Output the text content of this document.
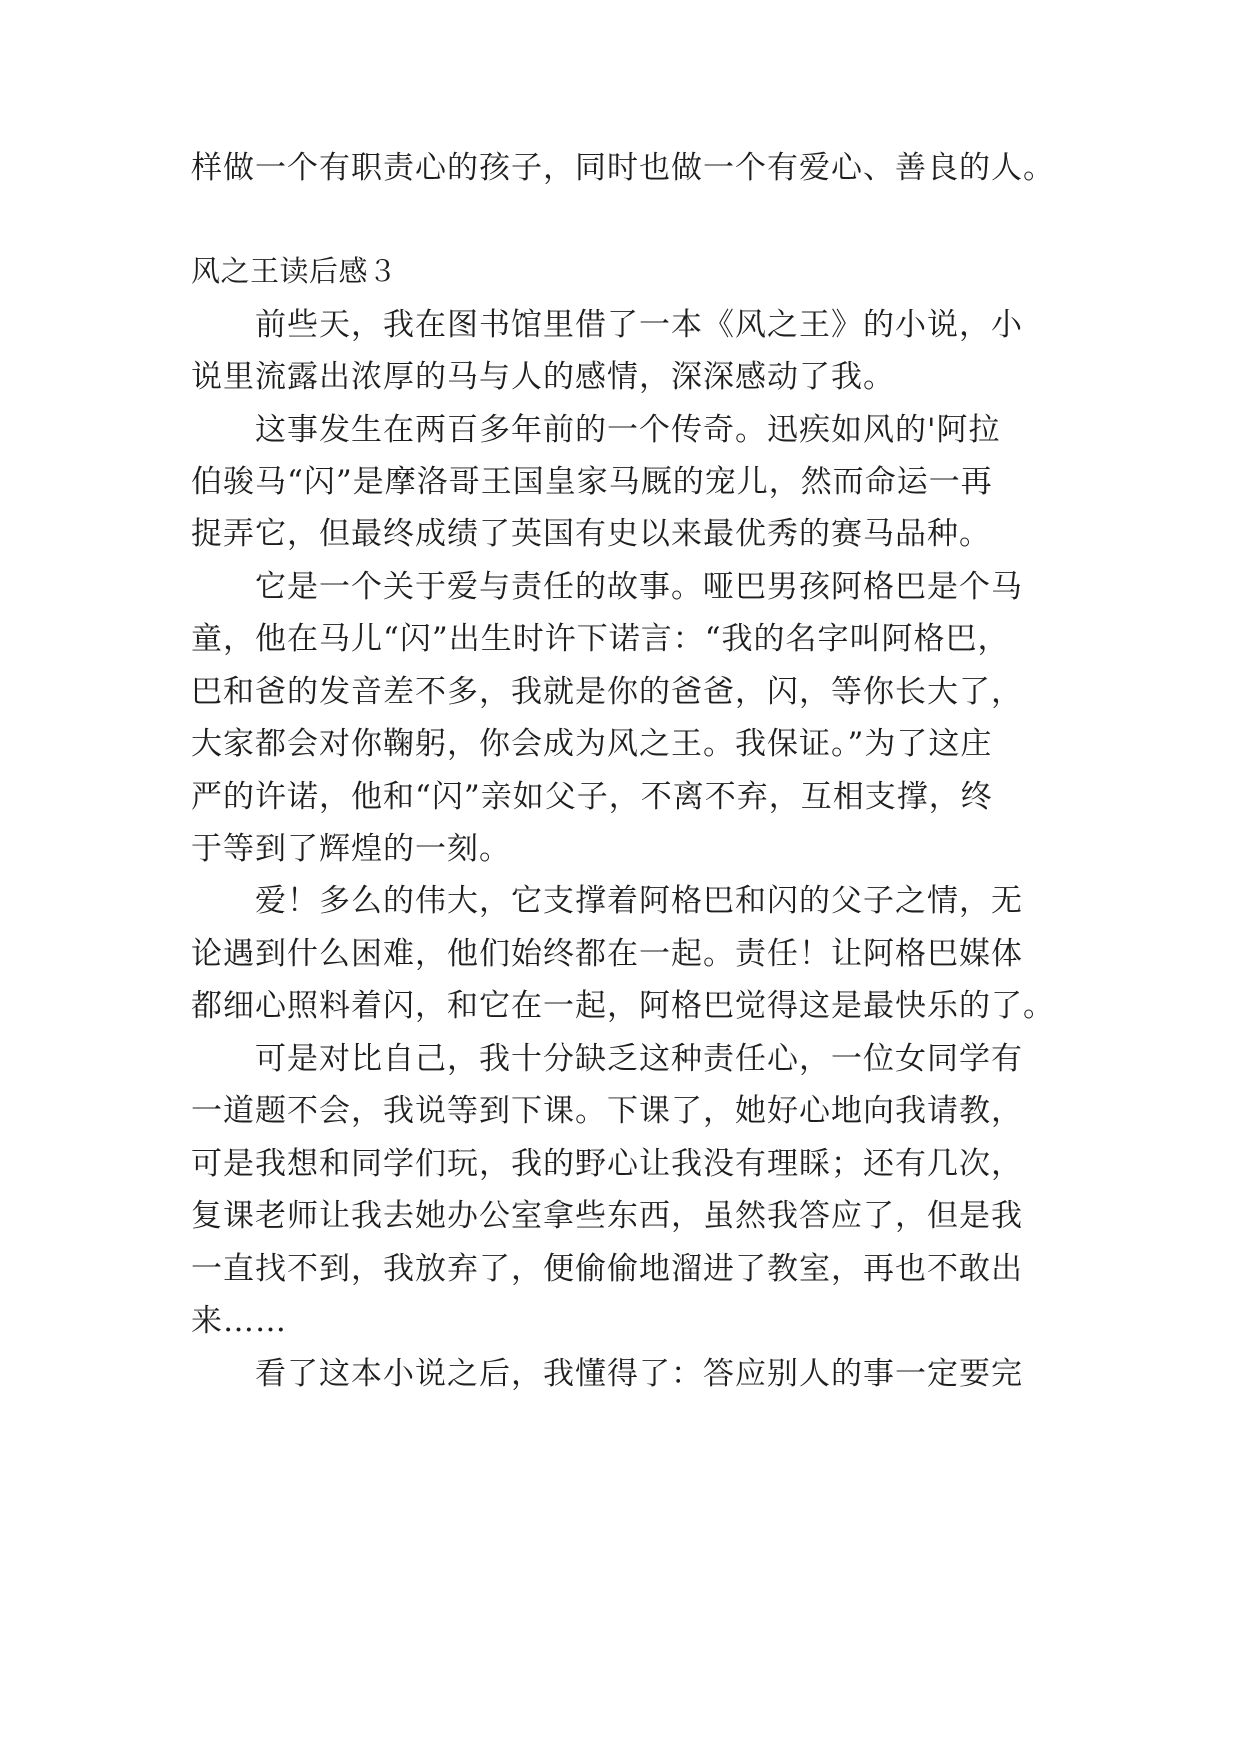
样做一个有职责心的孩子，同时也做一个有爱心、善良的人。
风之王读后感３
前些天，我在图书馆里借了一本《风之王》的小说，小
说里流露出浓厚的马与人的感情，深深感动了我。
这事发生在两百多年前的一个传奇。迅疾如风的'阿拉
伯骏马“闪”是摩洛哥王国皇家马厩的宠儿，然而命运一再
捉弄它，但最终成绩了英国有史以来最优秀的赛马品种。
它是一个关于爱与责任的故事。哑巴男孩阿格巴是个马
童，他在马儿“闪”出生时许下诺言：“我的名字叫阿格巴，
巴和爸的发音差不多，我就是你的爸爸，闪，等你长大了，
大家都会对你鞠躬，你会成为风之王。我保证。”为了这庄
严的许诺，他和“闪”亲如父子，不离不弃，互相支撑，终
于等到了辉煌的一刻。
爱！多么的伟大，它支撑着阿格巴和闪的父子之情，无
论遇到什么困难，他们始终都在一起。责任！让阿格巴媒体
都细心照料着闪，和它在一起，阿格巴觉得这是最快乐的了。
可是对比自己，我十分缺乏这种责任心，一位女同学有
一道题不会，我说等到下课。下课了，她好心地向我请教，
可是我想和同学们玩，我的野心让我没有理睬；还有几次，
复课老师让我去她办公室拿些东西，虽然我答应了，但是我
一直找不到，我放弃了，便偷偷地溜进了教室，再也不敢出
来……
看了这本小说之后，我懂得了：答应别人的事一定要完
